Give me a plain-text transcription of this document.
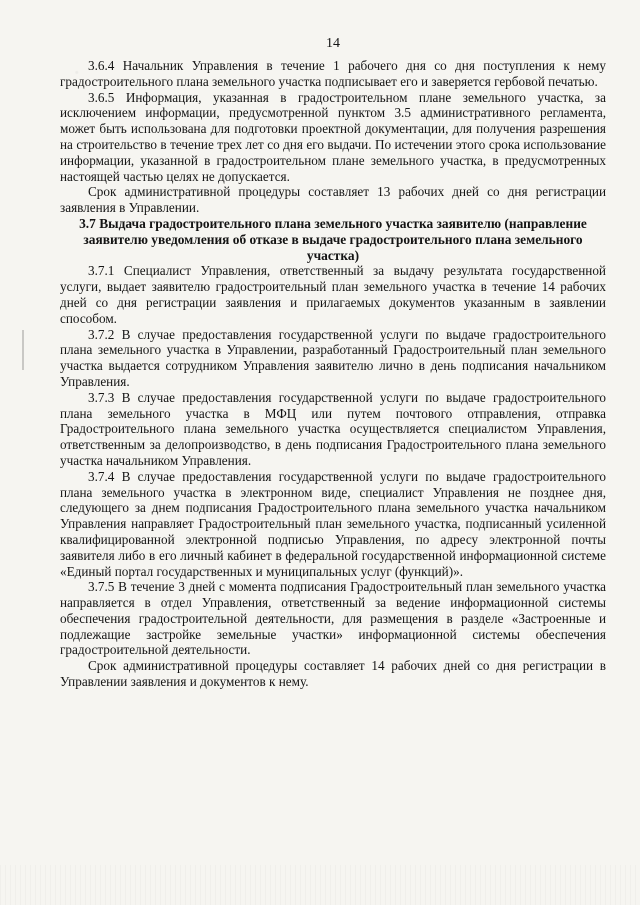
14

3.6.4 Начальник Управления в течение 1 рабочего дня со дня поступления к нему градостроительного плана земельного участка подписывает его и заверяется гербовой печатью.

3.6.5 Информация, указанная в градостроительном плане земельного участка, за исключением информации, предусмотренной пунктом 3.5 административного регламента, может быть использована для подготовки проектной документации, для получения разрешения на строительство в течение трех лет со дня его выдачи. По истечении этого срока использование информации, указанной в градостроительном плане земельного участка, в предусмотренных настоящей частью целях не допускается.

Срок административной процедуры составляет 13 рабочих дней со дня регистрации заявления в Управлении.

3.7 Выдача градостроительного плана земельного участка заявителю (направление заявителю уведомления об отказе в выдаче градостроительного плана земельного участка)

3.7.1 Специалист Управления, ответственный за выдачу результата государственной услуги, выдает заявителю градостроительный план земельного участка в течение 14 рабочих дней со дня регистрации заявления и прилагаемых документов указанным в заявлении способом.

3.7.2 В случае предоставления государственной услуги по выдаче градостроительного плана земельного участка в Управлении, разработанный Градостроительный план земельного участка выдается сотрудником Управления заявителю лично в день подписания начальником Управления.

3.7.3 В случае предоставления государственной услуги по выдаче градостроительного плана земельного участка в МФЦ или путем почтового отправления, отправка Градостроительного плана земельного участка осуществляется специалистом Управления, ответственным за делопроизводство, в день подписания Градостроительного плана земельного участка начальником Управления.

3.7.4 В случае предоставления государственной услуги по выдаче градостроительного плана земельного участка в электронном виде, специалист Управления не позднее дня, следующего за днем подписания Градостроительного плана земельного участка начальником Управления направляет Градостроительный план земельного участка, подписанный усиленной квалифицированной электронной подписью Управления, по адресу электронной почты заявителя либо в его личный кабинет в федеральной государственной информационной системе «Единый портал государственных и муниципальных услуг (функций)».

3.7.5 В течение 3 дней с момента подписания Градостроительный план земельного участка направляется в отдел Управления, ответственный за ведение информационной системы обеспечения градостроительной деятельности, для размещения в разделе «Застроенные и подлежащие застройке земельные участки» информационной системы обеспечения градостроительной деятельности.

Срок административной процедуры составляет 14 рабочих дней со дня регистрации в Управлении заявления и документов к нему.
